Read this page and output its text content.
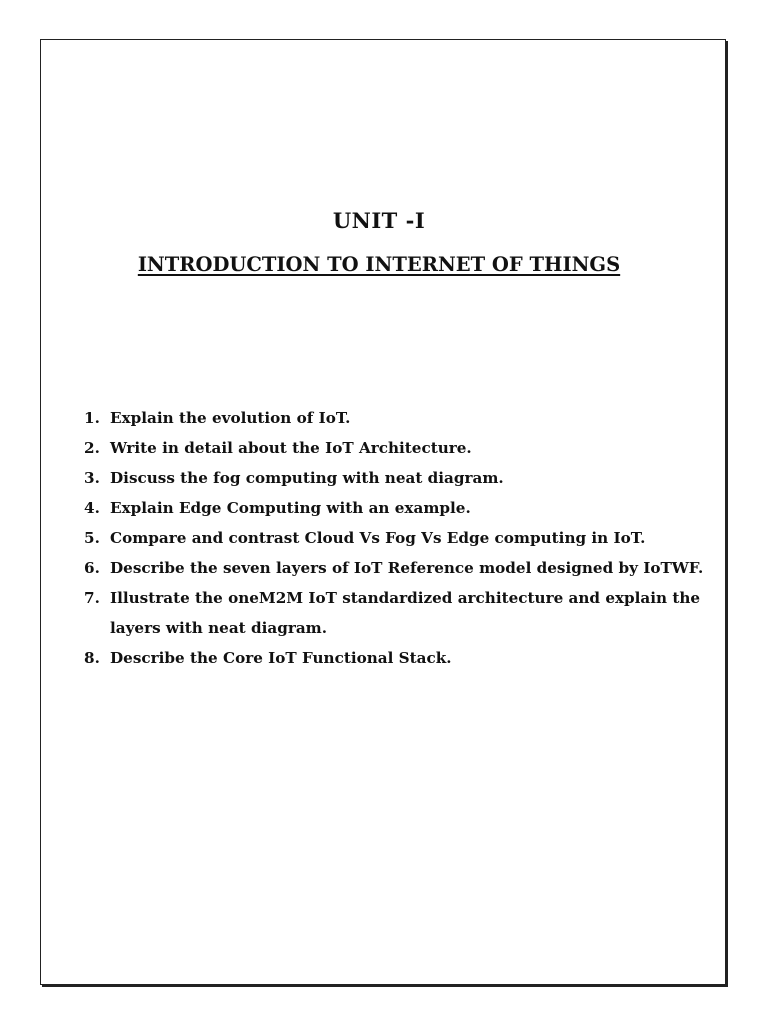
UNIT -I
INTRODUCTION TO INTERNET OF THINGS
1. Explain the evolution of IoT.
2. Write in detail about the IoT Architecture.
3. Discuss the fog computing with neat diagram.
4. Explain Edge Computing with an example.
5. Compare and contrast Cloud Vs Fog Vs Edge computing in IoT.
6. Describe the seven layers of IoT Reference model designed by IoTWF.
7. Illustrate the oneM2M IoT standardized architecture and explain the layers with neat diagram.
8. Describe the Core IoT Functional Stack.
